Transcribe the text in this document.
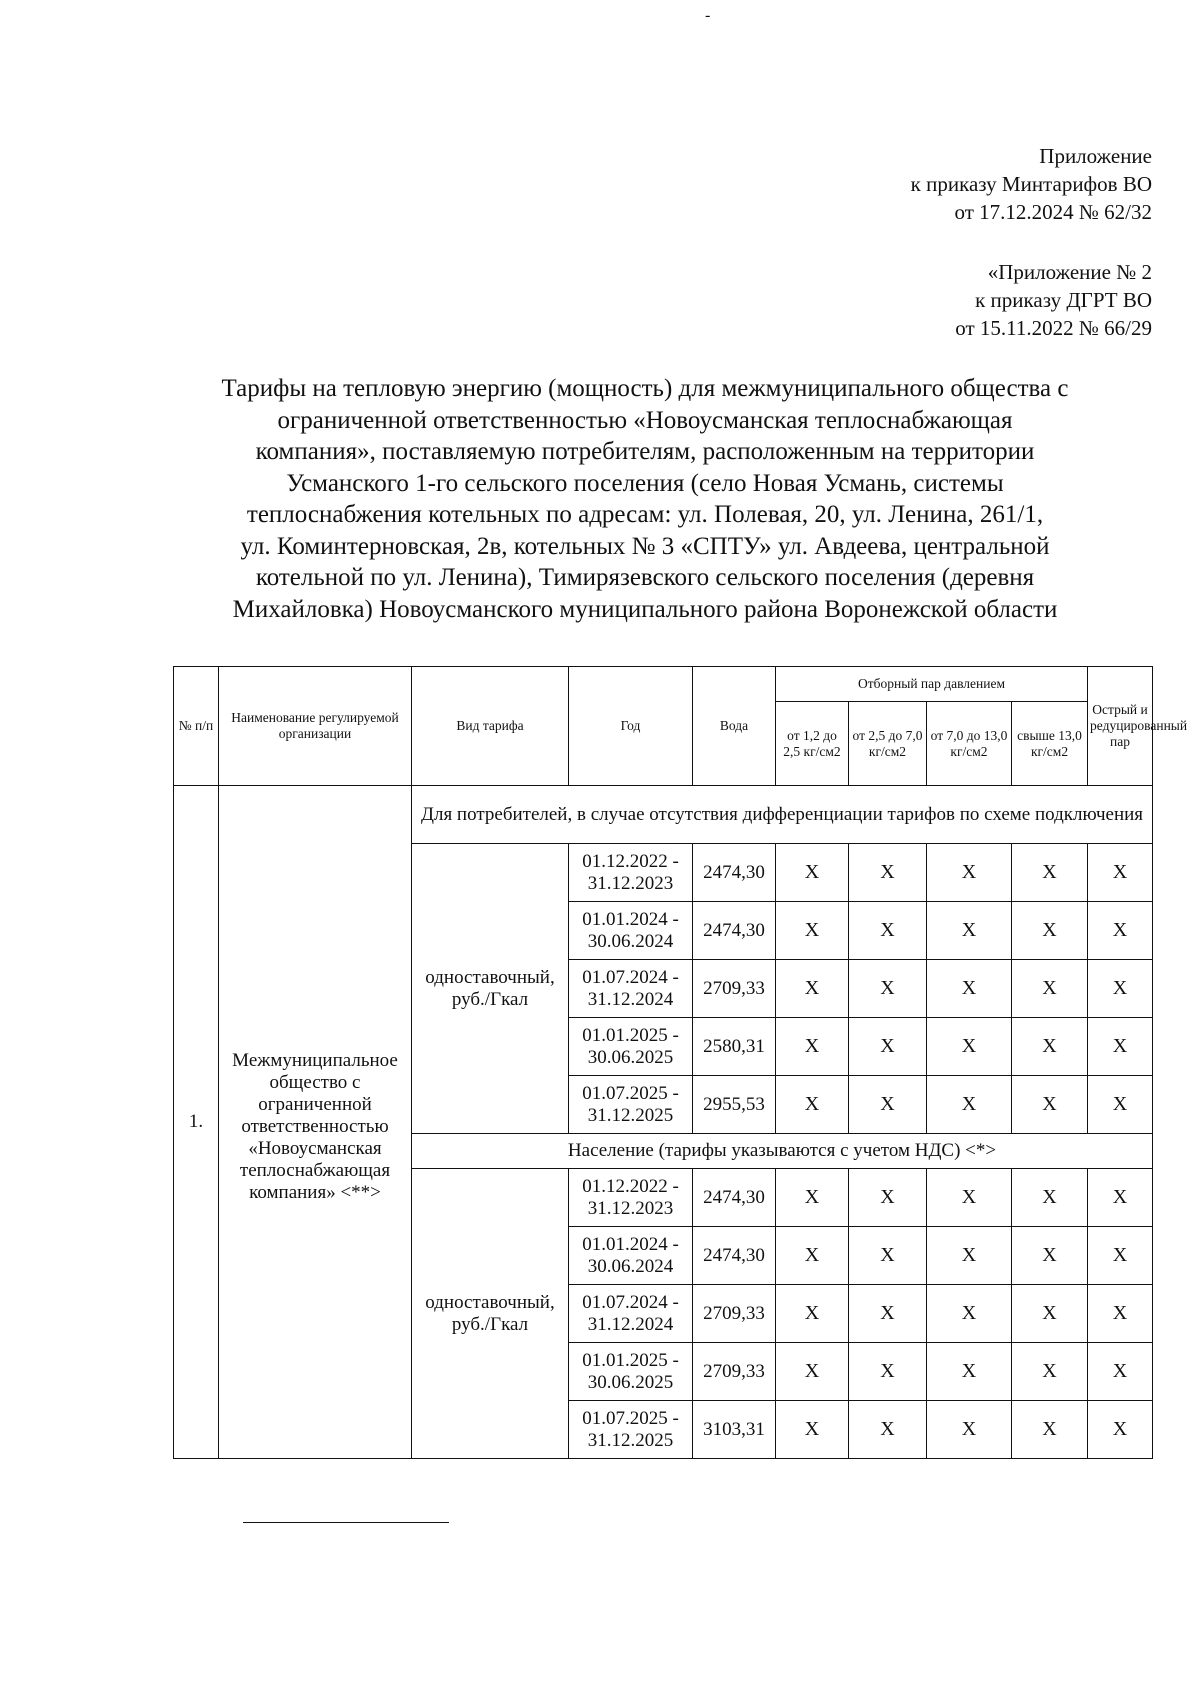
-
Приложение
к приказу Минтарифов ВО
от 17.12.2024 № 62/32
«Приложение № 2
к приказу ДГРТ ВО
от 15.11.2022 № 66/29
Тарифы на тепловую энергию (мощность) для межмуниципального общества с
ограниченной ответственностью «Новоусманская теплоснабжающая
компания», поставляемую потребителям, расположенным на территории
Усманского 1-го сельского поселения (село Новая Усмань, системы
теплоснабжения котельных по адресам: ул. Полевая, 20, ул. Ленина, 261/1,
ул. Коминтерновская, 2в, котельных № 3 «СПТУ» ул. Авдеева, центральной
котельной по ул. Ленина), Тимирязевского сельского поселения (деревня
Михайловка) Новоусманского муниципального района Воронежской области
№ п/п	Наименование регулируемой организации	Вид тарифа	Год	Вода	Отборный пар давлением				Острый и редуцированный пар
					от 1,2 до 2,5 кг/см2	от 2,5 до 7,0 кг/см2	от 7,0 до 13,0 кг/см2	свыше 13,0 кг/см2	
1.	Межмуниципальное общество с ограниченной ответственностью «Новоусманская теплоснабжающая компания» <**>	Для потребителей, в случае отсутствия дифференциации тарифов по схеме подключения							
		одноставочный, руб./Гкал	01.12.2022 - 31.12.2023	2474,30	Х	Х	Х	Х	Х
			01.01.2024 - 30.06.2024	2474,30	Х	Х	Х	Х	Х
			01.07.2024 - 31.12.2024	2709,33	Х	Х	Х	Х	Х
			01.01.2025 - 30.06.2025	2580,31	Х	Х	Х	Х	Х
			01.07.2025 - 31.12.2025	2955,53	Х	Х	Х	Х	Х
		Население (тарифы указываются с учетом НДС) <*>							
		одноставочный, руб./Гкал	01.12.2022 - 31.12.2023	2474,30	Х	Х	Х	Х	Х
			01.01.2024 - 30.06.2024	2474,30	Х	Х	Х	Х	Х
			01.07.2024 - 31.12.2024	2709,33	Х	Х	Х	Х	Х
			01.01.2025 - 30.06.2025	2709,33	Х	Х	Х	Х	Х
			01.07.2025 - 31.12.2025	3103,31	Х	Х	Х	Х	Х
